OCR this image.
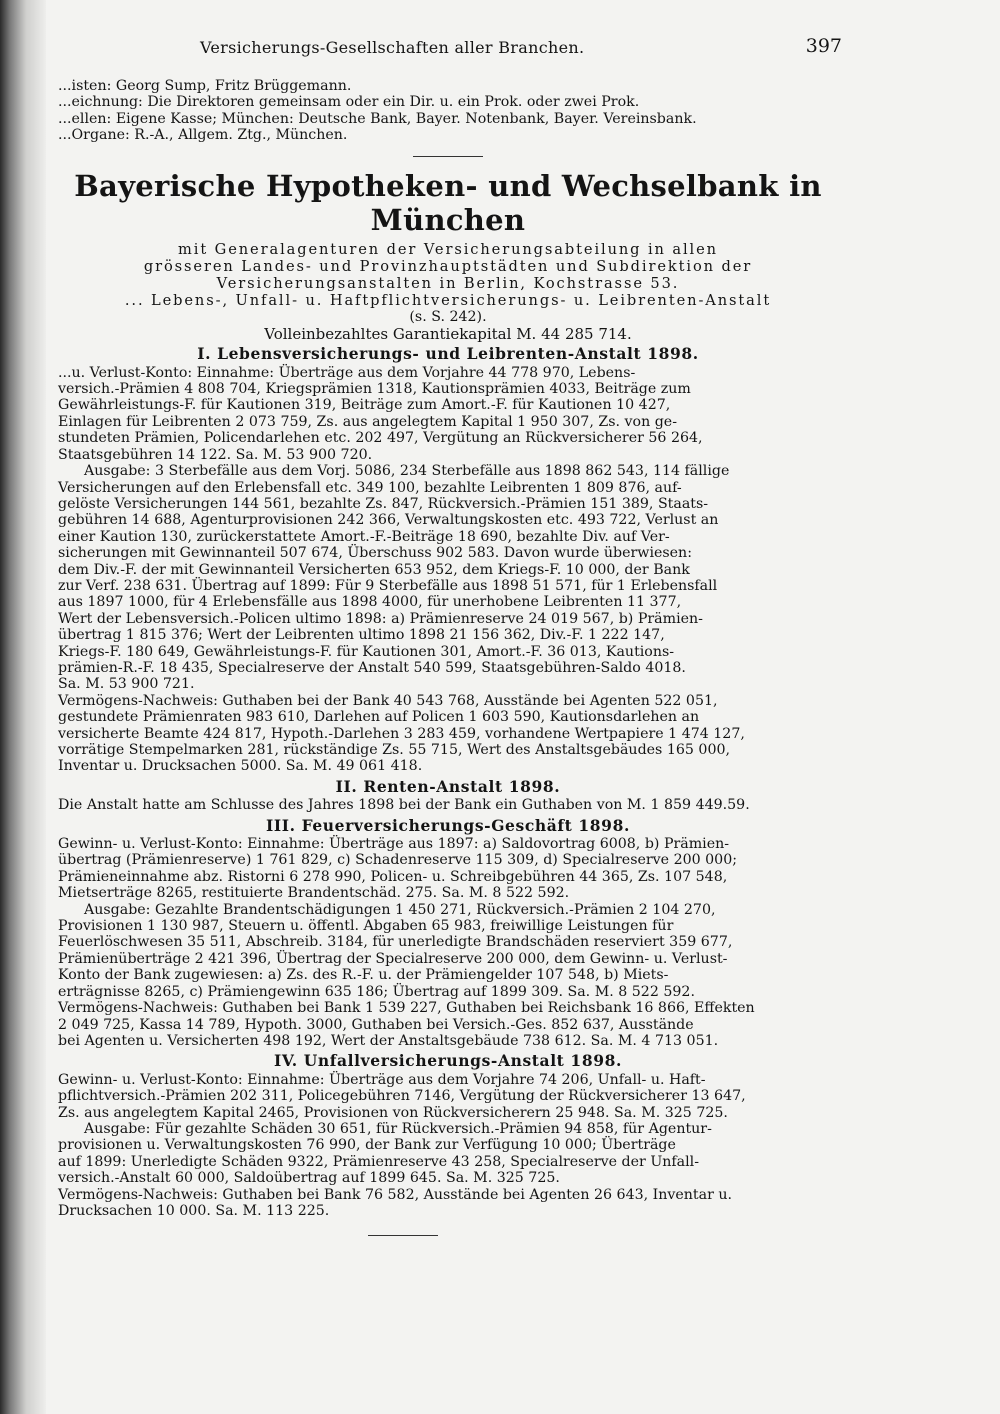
Versicherungs-Gesellschaften aller Branchen.	397
...isten: Georg Sump, Fritz Brüggemann.
...eichnung: Die Direktoren gemeinsam oder ein Dir. u. ein Prok. oder zwei Prok.
...ellen: Eigene Kasse; München: Deutsche Bank, Bayer. Notenbank, Bayer. Vereinsbank.
...Organe: R.-A., Allgem. Ztg., München.
Bayerische Hypotheken- und Wechselbank in München
mit Generalagenturen der Versicherungsabteilung in allen
grösseren Landes- und Provinzhauptstädten und Subdirektion der
Versicherungsanstalten in Berlin, Kochstrasse 53.
... Lebens-, Unfall- u. Haftpflichtversicherungs- u. Leibrenten-Anstalt
(s. S. 242).
Volleinbezahltes Garantiekapital M. 44 285 714.
I. Lebensversicherungs- und Leibrenten-Anstalt 1898.
...u. Verlust-Konto: Einnahme: Überträge aus dem Vorjahre 44 778 970, Lebens-
versich.-Prämien 4 808 704, Kriegsprämien 1318, Kautionsprämien 4033, Beiträge zum
Gewährleistungs-F. für Kautionen 319, Beiträge zum Amort.-F. für Kautionen 10 427,
Einlagen für Leibrenten 2 073 759, Zs. aus angelegtem Kapital 1 950 307, Zs. von ge-
stundeten Prämien, Policendarlehen etc. 202 497, Vergütung an Rückversicherer 56 264,
Staatsgebühren 14 122. Sa. M. 53 900 720.
Ausgabe: 3 Sterbefälle aus dem Vorj. 5086, 234 Sterbefälle aus 1898 862 543, 114 fällige
Versicherungen auf den Erlebensfall etc. 349 100, bezahlte Leibrenten 1 809 876, auf-
gelöste Versicherungen 144 561, bezahlte Zs. 847, Rückversich.-Prämien 151 389, Staats-
gebühren 14 688, Agenturprovisionen 242 366, Verwaltungskosten etc. 493 722, Verlust an
einer Kaution 130, zurückerstattete Amort.-F.-Beiträge 18 690, bezahlte Div. auf Ver-
sicherungen mit Gewinnanteil 507 674, Überschuss 902 583. Davon wurde überwiesen:
dem Div.-F. der mit Gewinnanteil Versicherten 653 952, dem Kriegs-F. 10 000, der Bank
zur Verf. 238 631. Übertrag auf 1899: Für 9 Sterbefälle aus 1898 51 571, für 1 Erlebensfall
aus 1897 1000, für 4 Erlebensfälle aus 1898 4000, für unerhobene Leibrenten 11 377,
Wert der Lebensversich.-Policen ultimo 1898: a) Prämienreserve 24 019 567, b) Prämien-
übertrag 1 815 376; Wert der Leibrenten ultimo 1898 21 156 362, Div.-F. 1 222 147,
Kriegs-F. 180 649, Gewährleistungs-F. für Kautionen 301, Amort.-F. 36 013, Kautions-
prämien-R.-F. 18 435, Specialreserve der Anstalt 540 599, Staatsgebühren-Saldo 4018.
Sa. M. 53 900 721.
Vermögens-Nachweis: Guthaben bei der Bank 40 543 768, Ausstände bei Agenten 522 051,
gestundete Prämienraten 983 610, Darlehen auf Policen 1 603 590, Kautionsdarlehen an
versicherte Beamte 424 817, Hypoth.-Darlehen 3 283 459, vorhandene Wertpapiere 1 474 127,
vorrätige Stempelmarken 281, rückständige Zs. 55 715, Wert des Anstaltsgebäudes 165 000,
Inventar u. Drucksachen 5000. Sa. M. 49 061 418.
II. Renten-Anstalt 1898.
Die Anstalt hatte am Schlusse des Jahres 1898 bei der Bank ein Guthaben von M. 1 859 449.59.
III. Feuerversicherungs-Geschäft 1898.
Gewinn- u. Verlust-Konto: Einnahme: Überträge aus 1897: a) Saldovortrag 6008, b) Prämien-
übertrag (Prämienreserve) 1 761 829, c) Schadenreserve 115 309, d) Specialreserve 200 000;
Prämieneinnahme abz. Ristorni 6 278 990, Policen- u. Schreibgebühren 44 365, Zs. 107 548,
Mietserträge 8265, restituierte Brandentschäd. 275. Sa. M. 8 522 592.
Ausgabe: Gezahlte Brandentschädigungen 1 450 271, Rückversich.-Prämien 2 104 270,
Provisionen 1 130 987, Steuern u. öffentl. Abgaben 65 983, freiwillige Leistungen für
Feuerlöschwesen 35 511, Abschreib. 3184, für unerledigte Brandschäden reserviert 359 677,
Prämienüberträge 2 421 396, Übertrag der Specialreserve 200 000, dem Gewinn- u. Verlust-
Konto der Bank zugewiesen: a) Zs. des R.-F. u. der Prämiengelder 107 548, b) Miets-
erträgnisse 8265, c) Prämiengewinn 635 186; Übertrag auf 1899 309. Sa. M. 8 522 592.
Vermögens-Nachweis: Guthaben bei Bank 1 539 227, Guthaben bei Reichsbank 16 866, Effekten
2 049 725, Kassa 14 789, Hypoth. 3000, Guthaben bei Versich.-Ges. 852 637, Ausstände
bei Agenten u. Versicherten 498 192, Wert der Anstaltsgebäude 738 612. Sa. M. 4 713 051.
IV. Unfallversicherungs-Anstalt 1898.
Gewinn- u. Verlust-Konto: Einnahme: Überträge aus dem Vorjahre 74 206, Unfall- u. Haft-
pflichtversich.-Prämien 202 311, Policegebühren 7146, Vergütung der Rückversicherer 13 647,
Zs. aus angelegtem Kapital 2465, Provisionen von Rückversicherern 25 948. Sa. M. 325 725.
Ausgabe: Für gezahlte Schäden 30 651, für Rückversich.-Prämien 94 858, für Agentur-
provisionen u. Verwaltungskosten 76 990, der Bank zur Verfügung 10 000; Überträge
auf 1899: Unerledigte Schäden 9322, Prämienreserve 43 258, Specialreserve der Unfall-
versich.-Anstalt 60 000, Saldoübertrag auf 1899 645. Sa. M. 325 725.
Vermögens-Nachweis: Guthaben bei Bank 76 582, Ausstände bei Agenten 26 643, Inventar u.
Drucksachen 10 000. Sa. M. 113 225.
